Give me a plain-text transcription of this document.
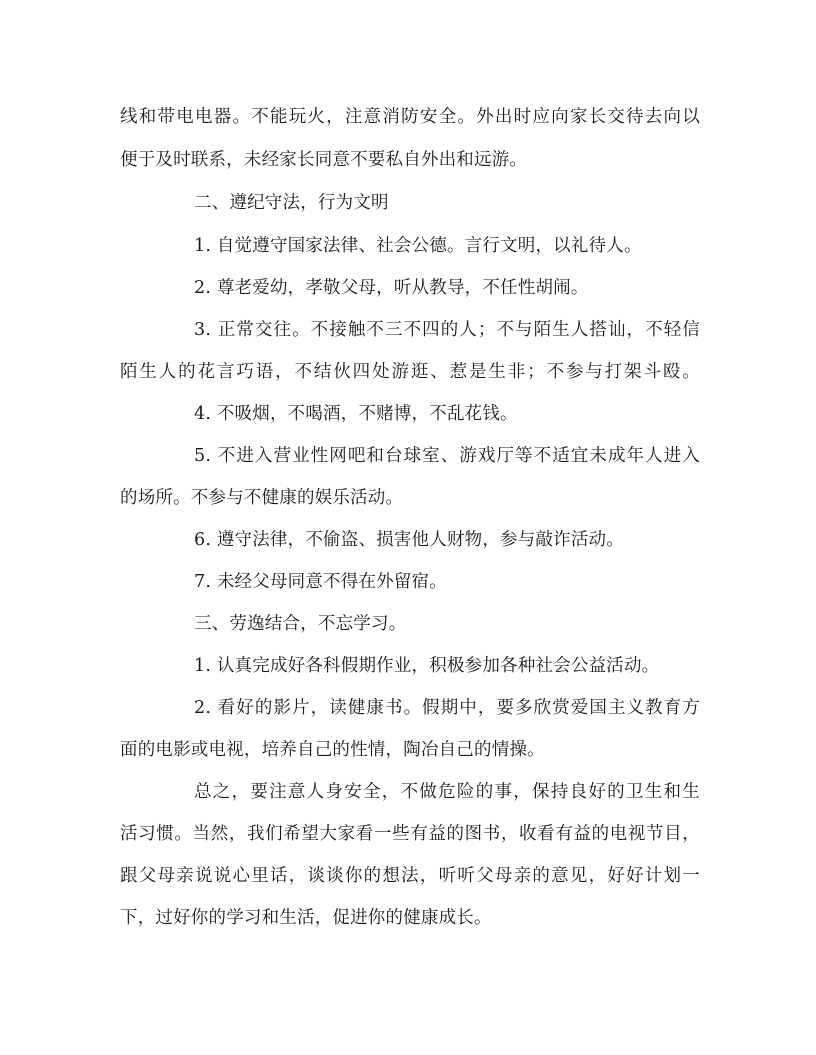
线和带电电器。不能玩火，注意消防安全。外出时应向家长交待去向以
便于及时联系，未经家长同意不要私自外出和远游。
二、遵纪守法，行为文明
1. 自觉遵守国家法律、社会公德。言行文明，以礼待人。
2. 尊老爱幼，孝敬父母，听从教导，不任性胡闹。
3. 正常交往。不接触不三不四的人；不与陌生人搭讪，不轻信
陌生人的花言巧语，不结伙四处游逛、惹是生非；不参与打架斗殴。
4. 不吸烟，不喝酒，不赌博，不乱花钱。
5. 不进入营业性网吧和台球室、游戏厅等不适宜未成年人进入
的场所。不参与不健康的娱乐活动。
6. 遵守法律，不偷盗、损害他人财物，参与敲诈活动。
7. 未经父母同意不得在外留宿。
三、劳逸结合，不忘学习。
1. 认真完成好各科假期作业，积极参加各种社会公益活动。
2. 看好的影片，读健康书。假期中，要多欣赏爱国主义教育方
面的电影或电视，培养自己的性情，陶冶自己的情操。
总之，要注意人身安全，不做危险的事，保持良好的卫生和生
活习惯。当然，我们希望大家看一些有益的图书，收看有益的电视节目，
跟父母亲说说心里话，谈谈你的想法，听听父母亲的意见，好好计划一
下，过好你的学习和生活，促进你的健康成长。
